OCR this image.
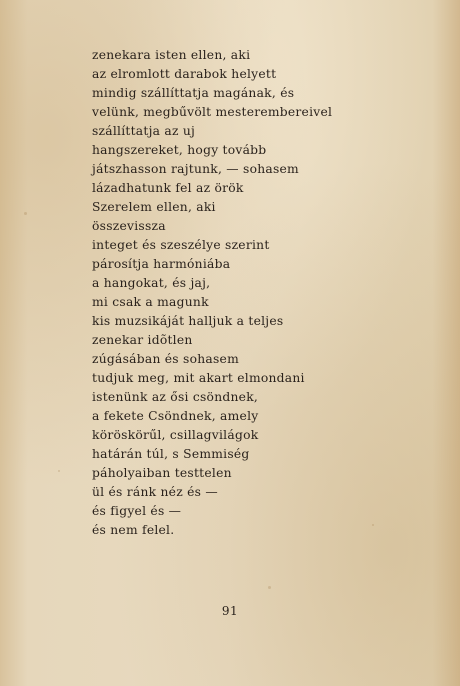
zenekara isten ellen, aki
az elromlott darabok helyett
mindig szállíttatja magának, és
velünk, megbűvölt mesterembereivel
szállíttatja az uj
hangszereket, hogy tovább
játszhasson rajtunk, — sohasem
lázadhatunk fel az örök
Szerelem ellen, aki
összevissza
integet és szeszélye szerint
párosítja harmóniába
a hangokat, és jaj,
mi csak a magunk
kis muzsikáját halljuk a teljes
zenekar idõtlen
zúgásában és sohasem
tudjuk meg, mit akart elmondani
istenünk az ősi csöndnek,
a fekete Csöndnek, amely
köröskörűl, csillagvilágok
határán túl, s Semmiség
páholyaiban testtelen
ül és ránk néz és —
és figyel és —
és nem felel.
91
